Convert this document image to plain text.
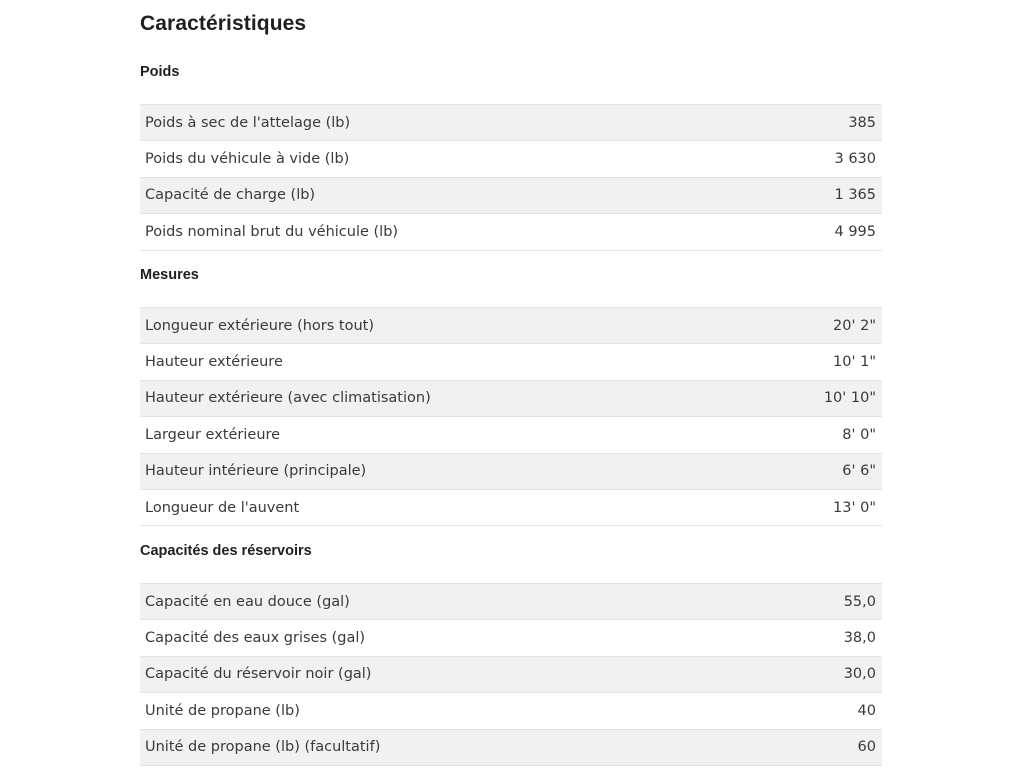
Caractéristiques
Poids
Poids à sec de l'attelage (lb)	385
Poids du véhicule à vide (lb)	3 630
Capacité de charge (lb)	1 365
Poids nominal brut du véhicule (lb)	4 995
Mesures
Longueur extérieure (hors tout)	20' 2"
Hauteur extérieure	10' 1"
Hauteur extérieure (avec climatisation)	10' 10"
Largeur extérieure	8' 0"
Hauteur intérieure (principale)	6' 6"
Longueur de l'auvent	13' 0"
Capacités des réservoirs
Capacité en eau douce (gal)	55,0
Capacité des eaux grises (gal)	38,0
Capacité du réservoir noir (gal)	30,0
Unité de propane (lb)	40
Unité de propane (lb) (facultatif)	60
